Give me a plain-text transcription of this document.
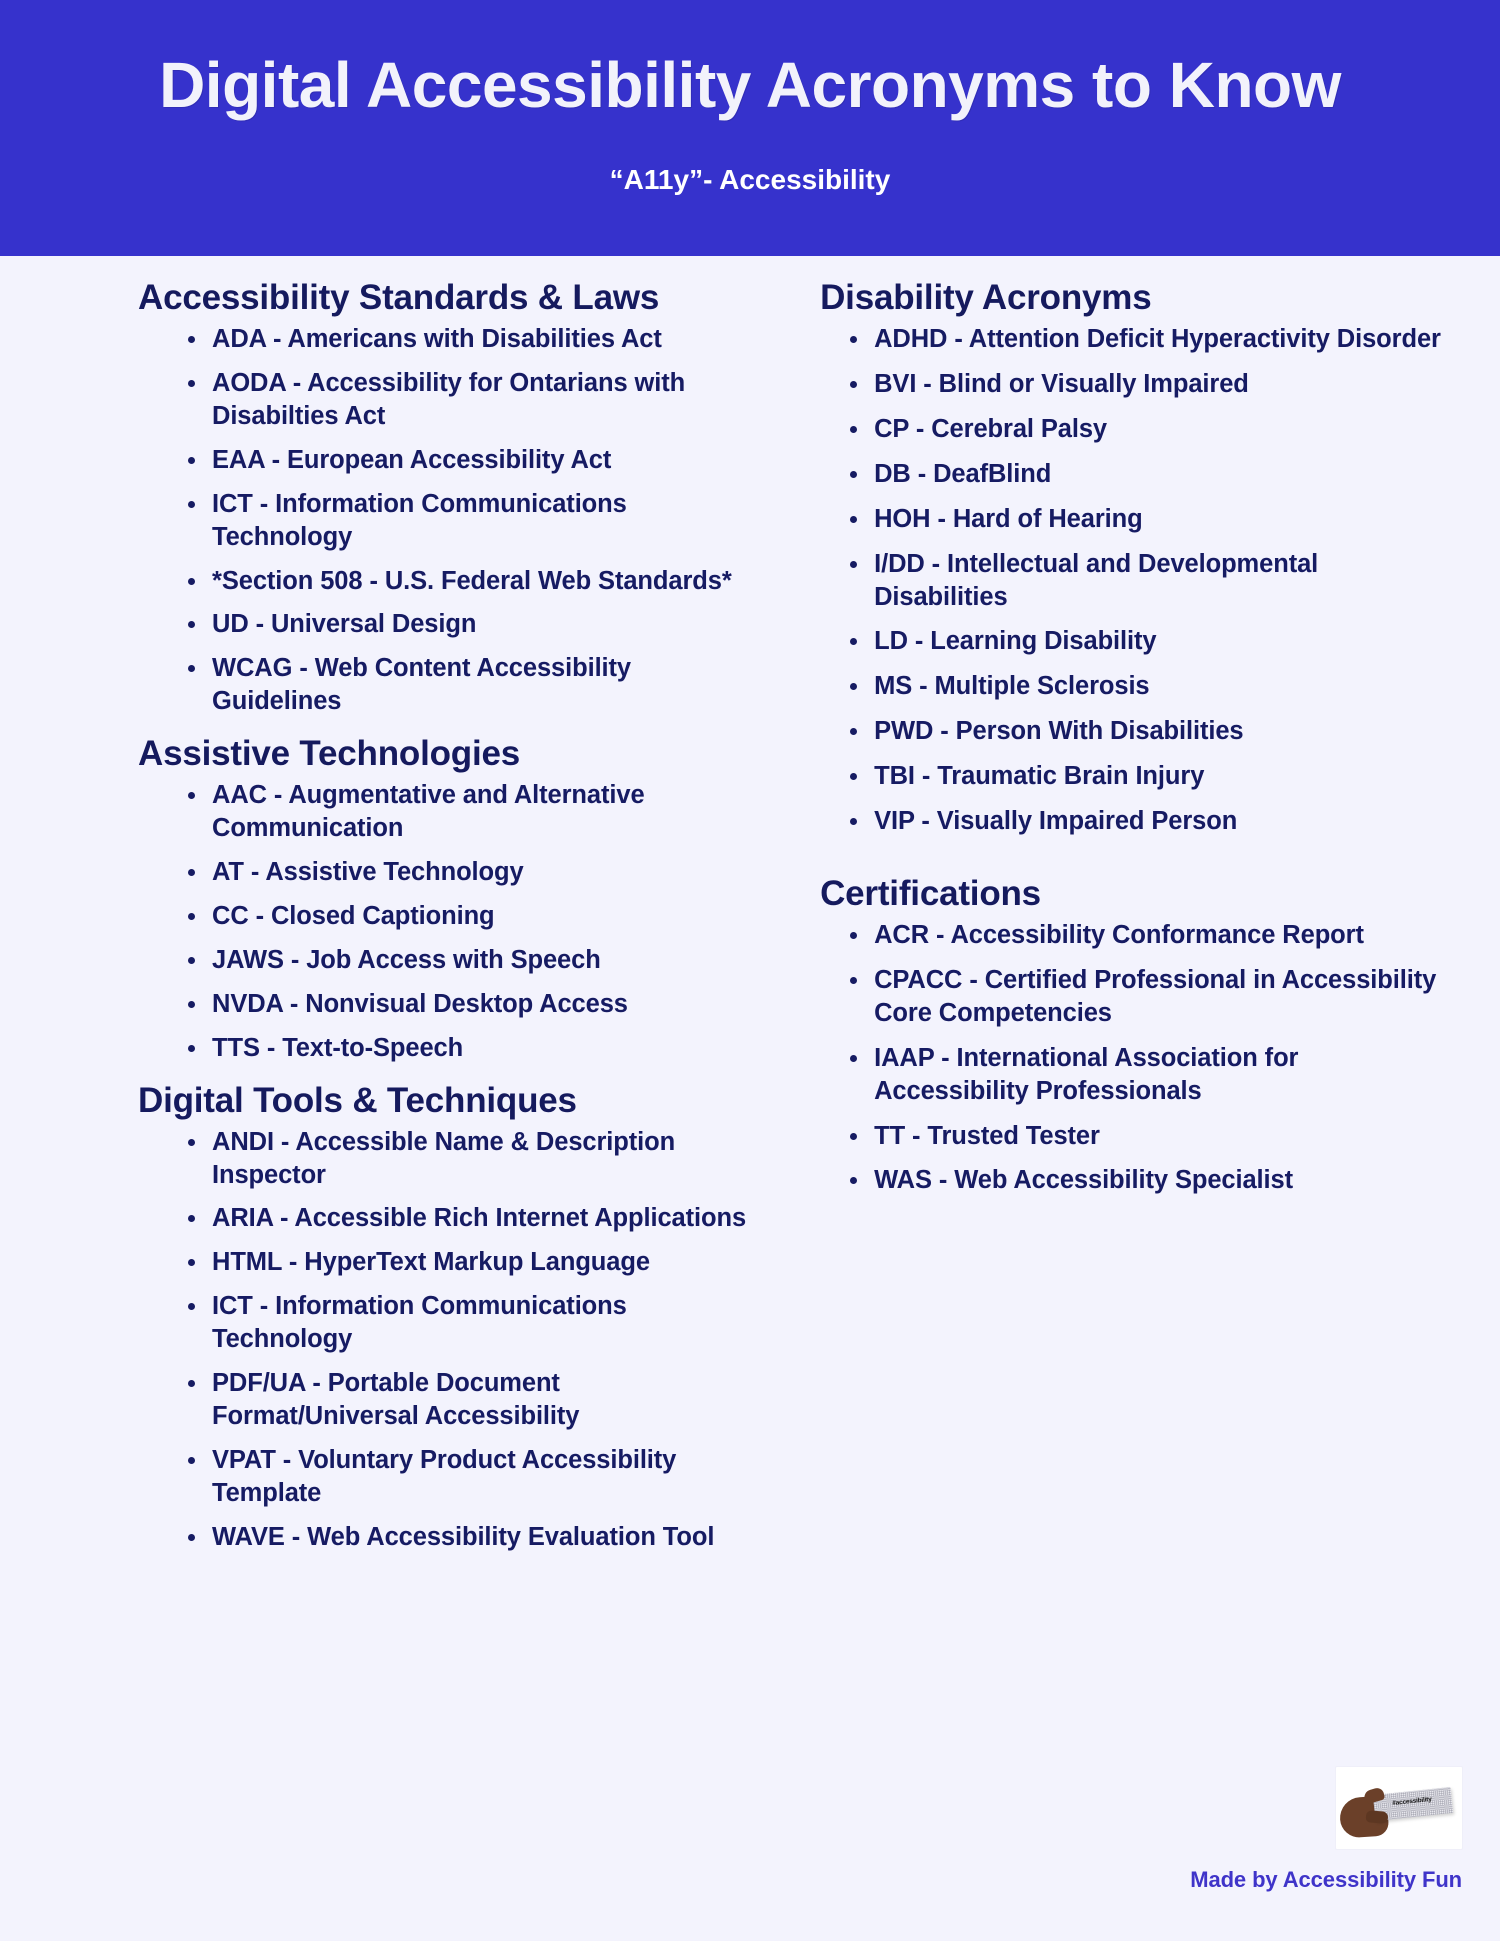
Digital Accessibility Acronyms to Know
“A11y”- Accessibility
Accessibility Standards & Laws
ADA - Americans with Disabilities Act
AODA - Accessibility for Ontarians with Disabilties Act
EAA - European Accessibility Act
ICT - Information Communications Technology
*Section 508 - U.S. Federal Web Standards*
UD - Universal Design
WCAG - Web Content Accessibility Guidelines
Assistive Technologies
AAC - Augmentative and Alternative Communication
AT - Assistive Technology
CC - Closed Captioning
JAWS - Job Access with Speech
NVDA - Nonvisual Desktop Access
TTS - Text-to-Speech
Digital Tools & Techniques
ANDI - Accessible Name & Description Inspector
ARIA - Accessible Rich Internet Applications
HTML - HyperText Markup Language
ICT - Information Communications Technology
PDF/UA - Portable Document Format/Universal Accessibility
VPAT - Voluntary Product Accessibility Template
WAVE - Web Accessibility Evaluation Tool
Disability Acronyms
ADHD - Attention Deficit Hyperactivity Disorder
BVI - Blind or Visually Impaired
CP - Cerebral Palsy
DB - DeafBlind
HOH - Hard of Hearing
I/DD - Intellectual and Developmental Disabilities
LD - Learning Disability
MS - Multiple Sclerosis
PWD - Person With Disabilities
TBI - Traumatic Brain Injury
VIP - Visually Impaired Person
Certifications
ACR - Accessibility Conformance Report
CPACC - Certified Professional in Accessibility Core Competencies
IAAP - International Association for Accessibility Professionals
TT - Trusted Tester
WAS - Web Accessibility Specialist
#accessibility
Made by Accessibility Fun
